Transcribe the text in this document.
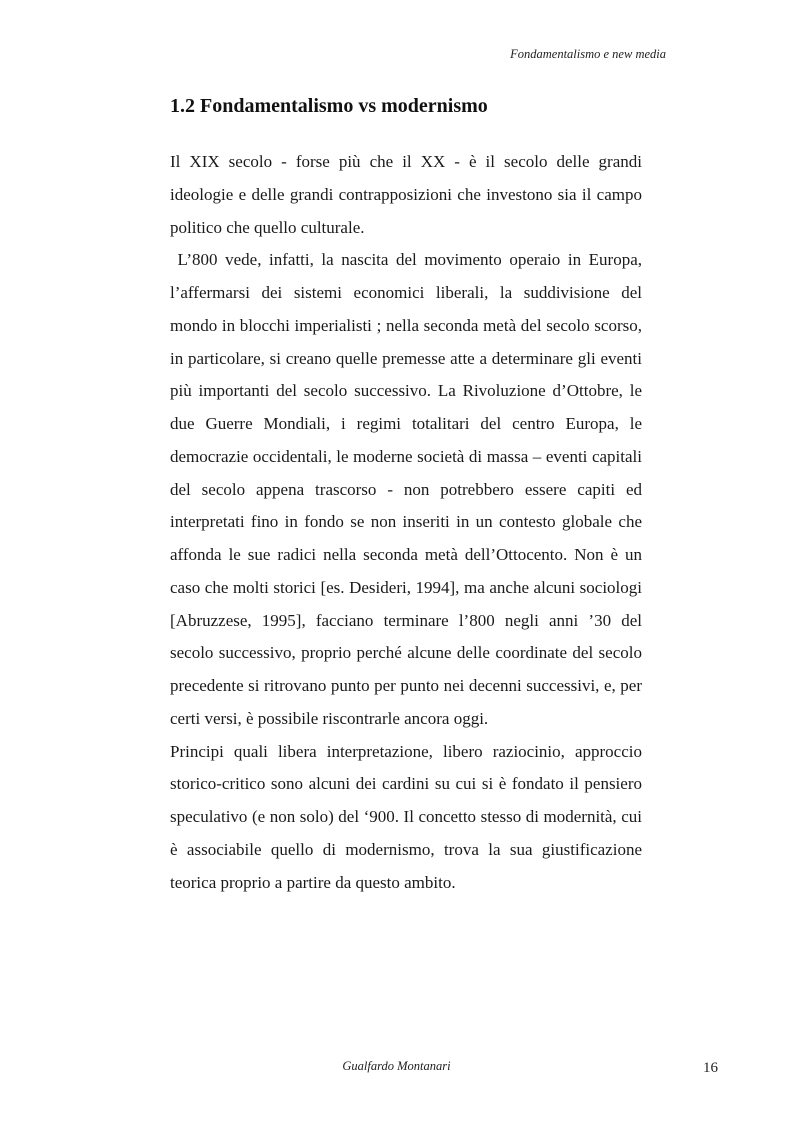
Fondamentalismo e new media
1.2 Fondamentalismo vs modernismo

Il XIX secolo - forse più che il XX - è il secolo delle grandi ideologie e delle grandi contrapposizioni che investono sia il campo politico che quello culturale.

L’800 vede, infatti, la nascita del movimento operaio in Europa, l’affermarsi dei sistemi economici liberali, la suddivisione del mondo in blocchi imperialisti ; nella seconda metà del secolo scorso, in particolare, si creano quelle premesse atte a determinare gli eventi più importanti del secolo successivo. La Rivoluzione d’Ottobre, le due Guerre Mondiali, i regimi totalitari del centro Europa, le democrazie occidentali, le moderne società di massa – eventi capitali del secolo appena trascorso - non potrebbero essere capiti ed interpretati fino in fondo se non inseriti in un contesto globale che affonda le sue radici nella seconda metà dell’Ottocento. Non è un caso che molti storici [es. Desideri, 1994], ma anche alcuni sociologi [Abruzzese, 1995], facciano terminare l’800 negli anni ’30 del secolo successivo, proprio perché alcune delle coordinate del secolo precedente si ritrovano punto per punto nei decenni successivi, e, per certi versi, è possibile riscontrarle ancora oggi.

Principi quali libera interpretazione, libero raziocinio, approccio storico-critico sono alcuni dei cardini su cui si è fondato il pensiero speculativo (e non solo) del ‘900. Il concetto stesso di modernità, cui è associabile quello di modernismo, trova la sua giustificazione teorica proprio a partire da questo ambito.

Gualfardo Montanari	16
